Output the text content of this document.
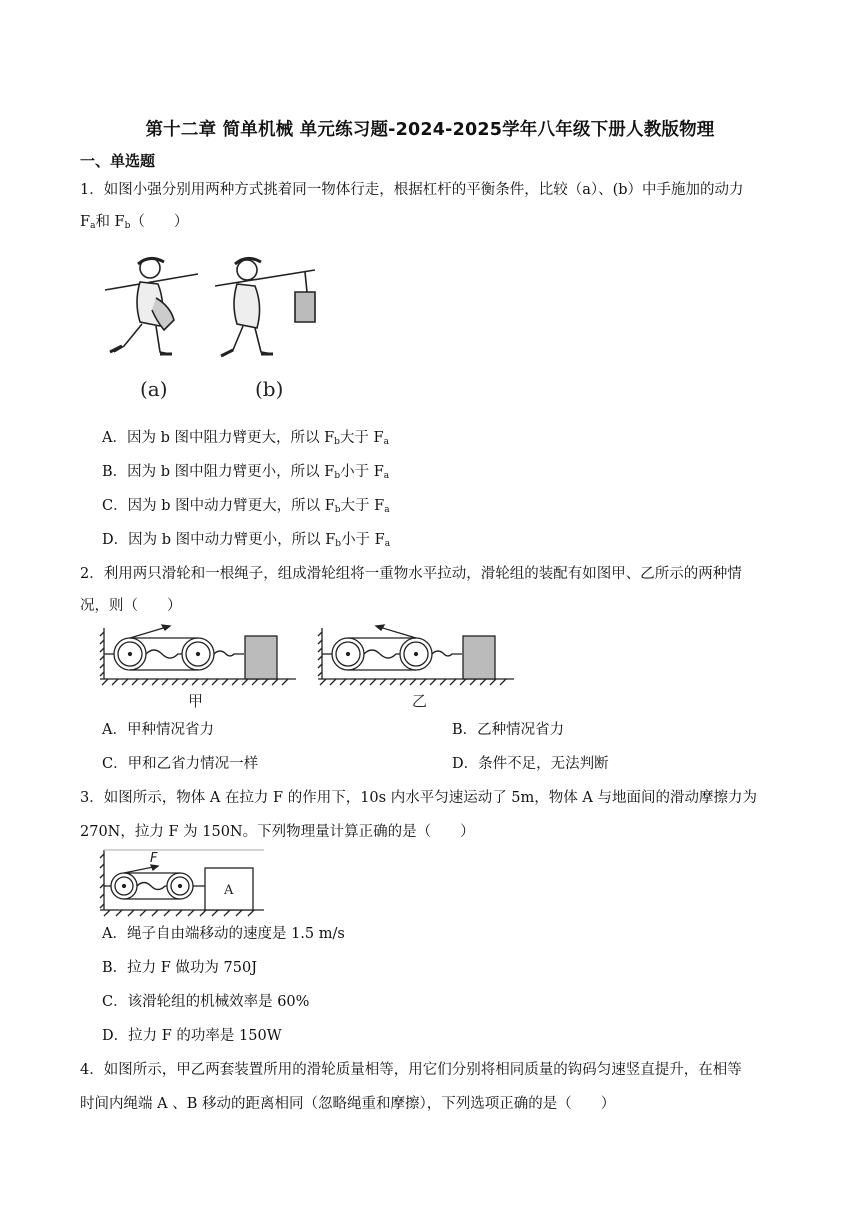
第十二章 简单机械 单元练习题-2024-2025学年八年级下册人教版物理
一、单选题
1．如图小强分别用两种方式挑着同一物体行走，根据杠杆的平衡条件，比较（a）、(b）中手施加的动力
$F_a$和 $F_b$（　　）
(a)	(b)
A．因为 b 图中阻力臂更大，所以 $F_b$大于 $F_a$
B．因为 b 图中阻力臂更小，所以 $F_b$小于 $F_a$
C．因为 b 图中动力臂更大，所以 $F_b$大于 $F_a$
D．因为 b 图中动力臂更小，所以 $F_b$小于 $F_a$
2．利用两只滑轮和一根绳子，组成滑轮组将一重物水平拉动，滑轮组的装配有如图甲、乙所示的两种情
况，则（　　）
甲	乙
A．甲种情况省力	B．乙种情况省力
C．甲和乙省力情况一样	D．条件不足，无法判断
3．如图所示，物体 A 在拉力 F 的作用下，10s 内水平匀速运动了 5m，物体 A 与地面间的滑动摩擦力为
270N，拉力 F 为 150N。下列物理量计算正确的是（　　）
F
A
A．绳子自由端移动的速度是 1.5 m/s
B．拉力 F 做功为 750J
C．该滑轮组的机械效率是 60%
D．拉力 F 的功率是 150W
4．如图所示，甲乙两套装置所用的滑轮质量相等，用它们分别将相同质量的钩码匀速竖直提升，在相等
时间内绳端 A 、B 移动的距离相同（忽略绳重和摩擦），下列选项正确的是（　　）
